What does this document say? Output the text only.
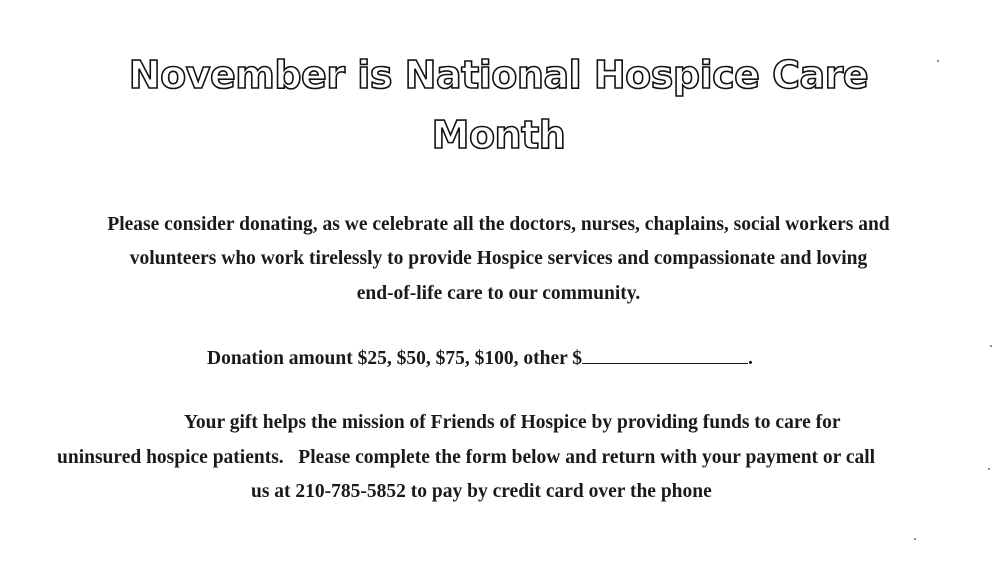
November is National Hospice Care
Month
Please consider donating, as we celebrate all the doctors, nurses, chaplains, social workers and
volunteers who work tirelessly to provide Hospice services and compassionate and loving
end-of-life care to our community.
Donation amount $25, $50, $75, $100, other $	.
Your gift helps the mission of Friends of Hospice by providing funds to care for
uninsured hospice patients.   Please complete the form below and return with your payment or call
us at 210-785-5852 to pay by credit card over the phone
